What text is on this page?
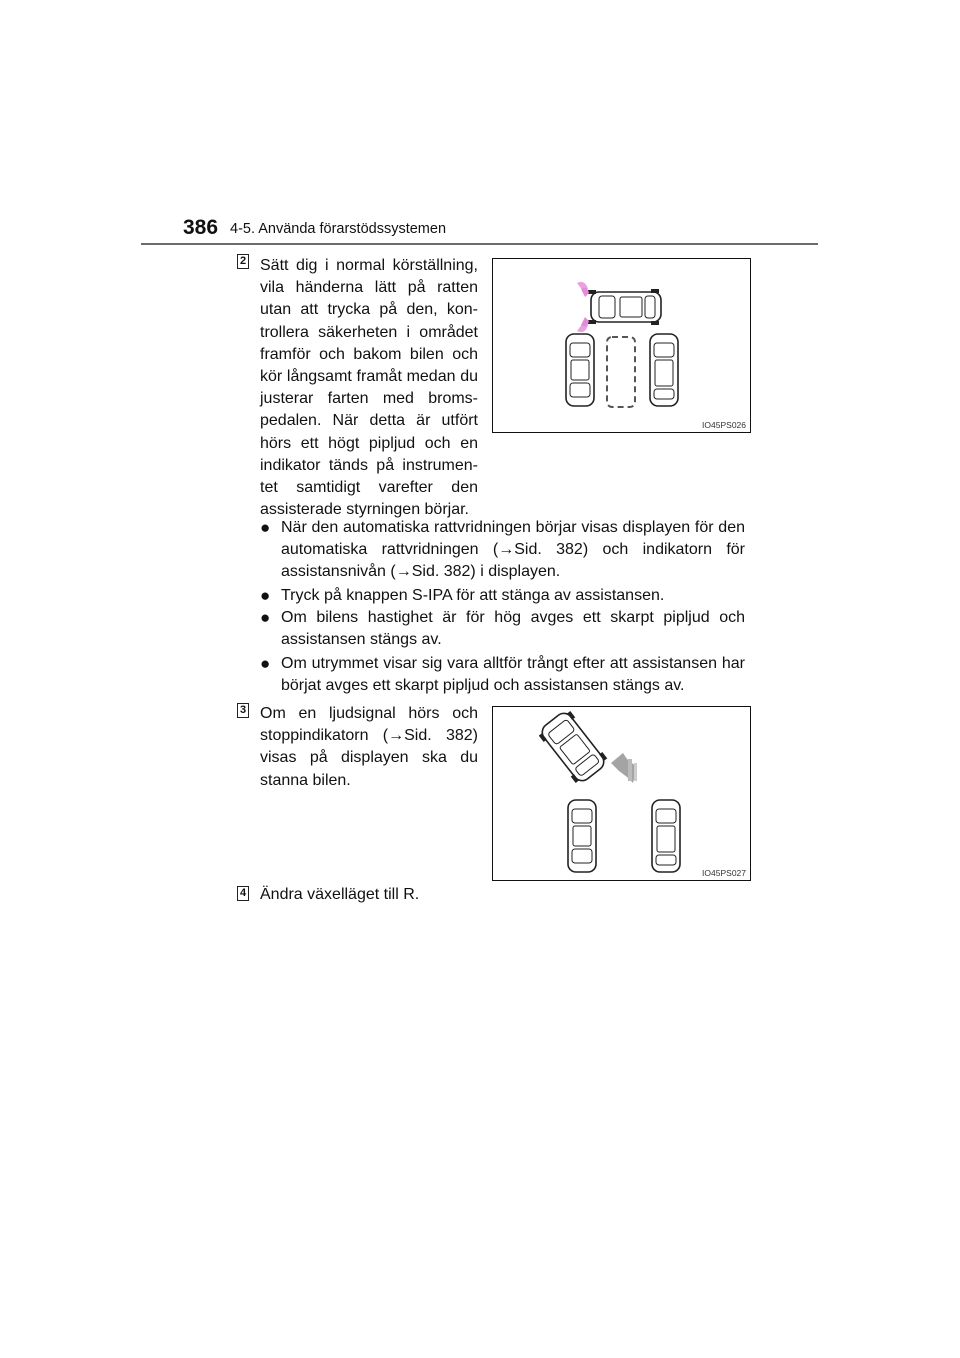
386 4-5. Använda förarstödssystemen
2 Sätt dig i normal körställning, vila händerna lätt på ratten utan att trycka på den, kon-trollera säkerheten i området framför och bakom bilen och kör långsamt framåt medan du justerar farten med broms-pedalen. När detta är utfört hörs ett högt pipljud och en indikator tänds på instrumen-tet samtidigt varefter den assisterade styrningen börjar.
IO45PS026
● När den automatiska rattvridningen börjar visas displayen för den automatiska rattvridningen (→Sid. 382) och indikatorn för assistansnivån (→Sid. 382) i displayen.
● Tryck på knappen S-IPA för att stänga av assistansen.
● Om bilens hastighet är för hög avges ett skarpt pipljud och assistansen stängs av.
● Om utrymmet visar sig vara alltför trångt efter att assistansen har börjat avges ett skarpt pipljud och assistansen stängs av.
3 Om en ljudsignal hörs och stoppindikatorn (→Sid. 382) visas på displayen ska du stanna bilen.
IO45PS027
4 Ändra växelläget till R.
